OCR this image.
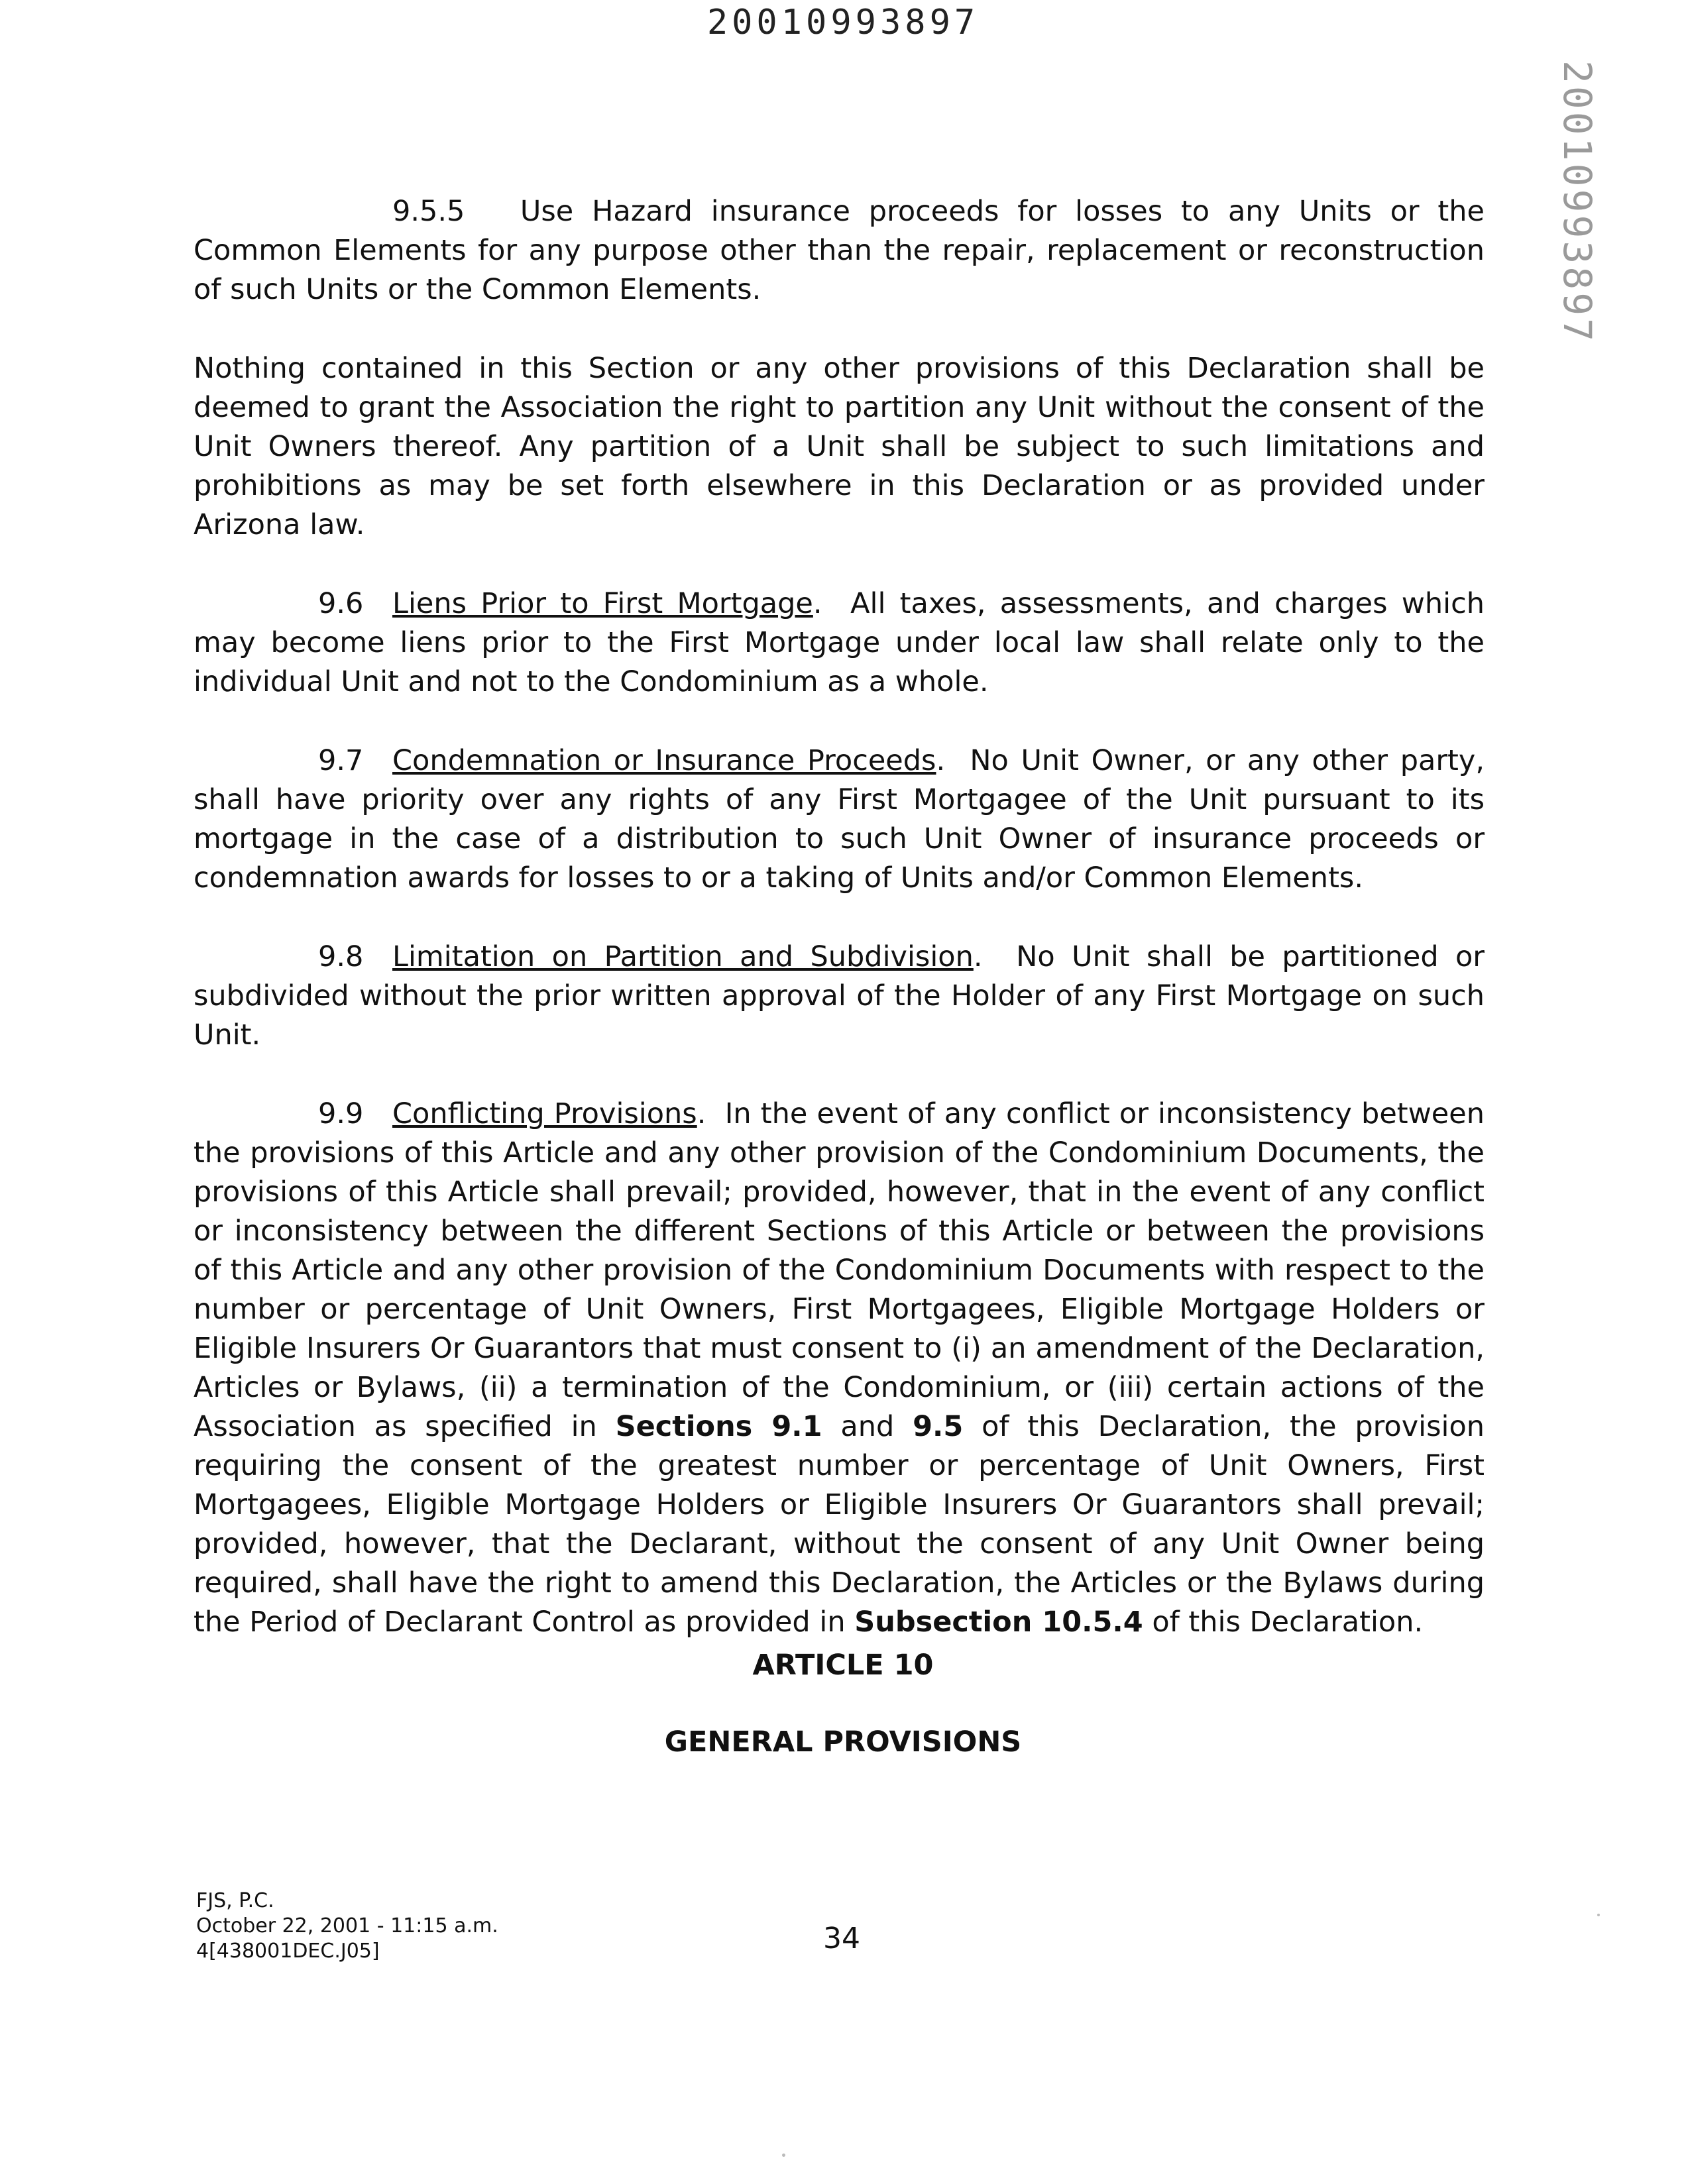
20010993897
20010993897

9.5.5 Use Hazard insurance proceeds for losses to any Units or the Common Elements for any purpose other than the repair, replacement or reconstruction of such Units or the Common Elements.

Nothing contained in this Section or any other provisions of this Declaration shall be deemed to grant the Association the right to partition any Unit without the consent of the Unit Owners thereof. Any partition of a Unit shall be subject to such limitations and prohibitions as may be set forth elsewhere in this Declaration or as provided under Arizona law.

9.6 Liens Prior to First Mortgage.  All taxes, assessments, and charges which may become liens prior to the First Mortgage under local law shall relate only to the individual Unit and not to the Condominium as a whole.

9.7 Condemnation or Insurance Proceeds.  No Unit Owner, or any other party, shall have priority over any rights of any First Mortgagee of the Unit pursuant to its mortgage in the case of a distribution to such Unit Owner of insurance proceeds or condemnation awards for losses to or a taking of Units and/or Common Elements.

9.8 Limitation on Partition and Subdivision.  No Unit shall be partitioned or subdivided without the prior written approval of the Holder of any First Mortgage on such Unit.

9.9 Conflicting Provisions.  In the event of any conflict or inconsistency between the provisions of this Article and any other provision of the Condominium Documents, the provisions of this Article shall prevail; provided, however, that in the event of any conflict or inconsistency between the different Sections of this Article or between the provisions of this Article and any other provision of the Condominium Documents with respect to the number or percentage of Unit Owners, First Mortgagees, Eligible Mortgage Holders or Eligible Insurers Or Guarantors that must consent to (i) an amendment of the Declaration, Articles or Bylaws, (ii) a termination of the Condominium, or (iii) certain actions of the Association as specified in Sections 9.1 and 9.5 of this Declaration, the provision requiring the consent of the greatest number or percentage of Unit Owners, First Mortgagees, Eligible Mortgage Holders or Eligible Insurers Or Guarantors shall prevail; provided, however, that the Declarant, without the consent of any Unit Owner being required, shall have the right to amend this Declaration, the Articles or the Bylaws during the Period of Declarant Control as provided in Subsection 10.5.4 of this Declaration.

ARTICLE 10
GENERAL PROVISIONS
FJS, P.C.
October 22, 2001 - 11:15 a.m.
4[438001DEC.J05]	34
